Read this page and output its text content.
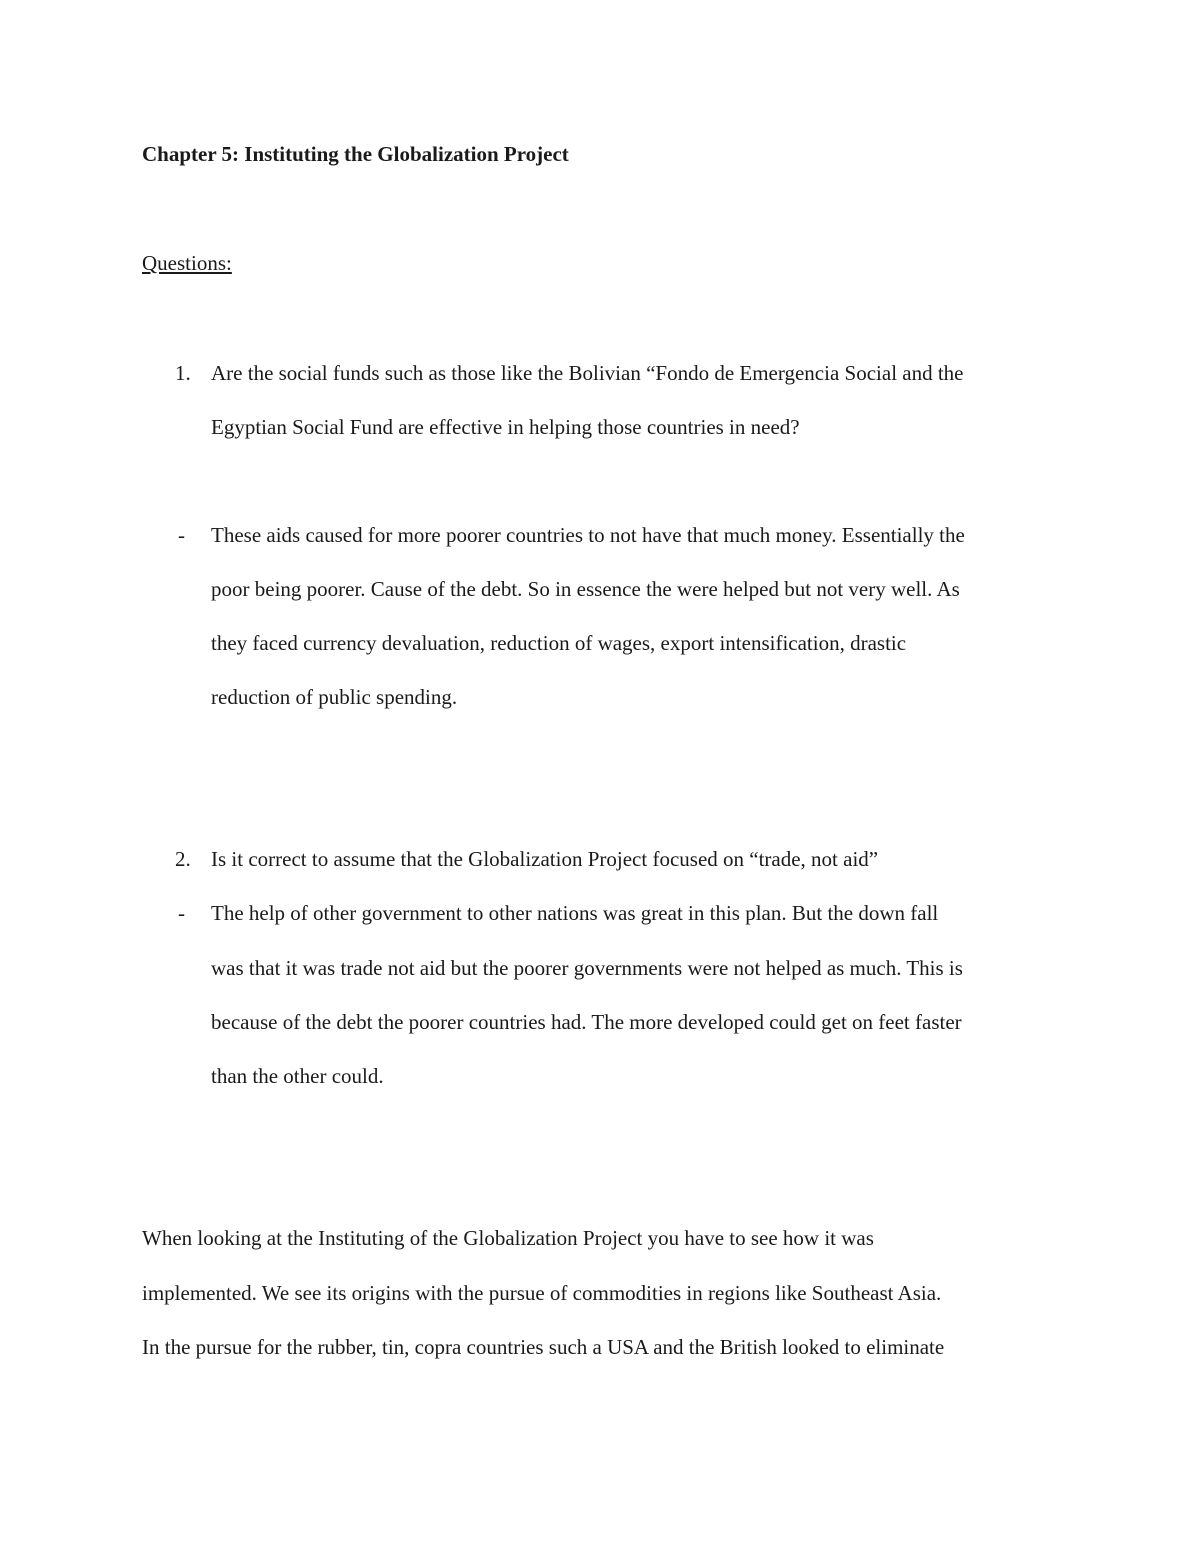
Chapter 5: Instituting the Globalization Project
Questions:
1. Are the social funds such as those like the Bolivian “Fondo de Emergencia Social and the
Egyptian Social Fund are effective in helping those countries in need?
- These aids caused for more poorer countries to not have that much money. Essentially the
poor being poorer. Cause of the debt. So in essence the were helped but not very well. As
they faced currency devaluation, reduction of wages, export intensification, drastic
reduction of public spending.
2. Is it correct to assume that the Globalization Project focused on “trade, not aid”
- The help of other government to other nations was great in this plan. But the down fall
was that it was trade not aid but the poorer governments were not helped as much. This is
because of the debt the poorer countries had. The more developed could get on feet faster
than the other could.
When looking at the Instituting of the Globalization Project you have to see how it was
implemented. We see its origins with the pursue of commodities in regions like Southeast Asia.
In the pursue for the rubber, tin, copra countries such a USA and the British looked to eliminate
